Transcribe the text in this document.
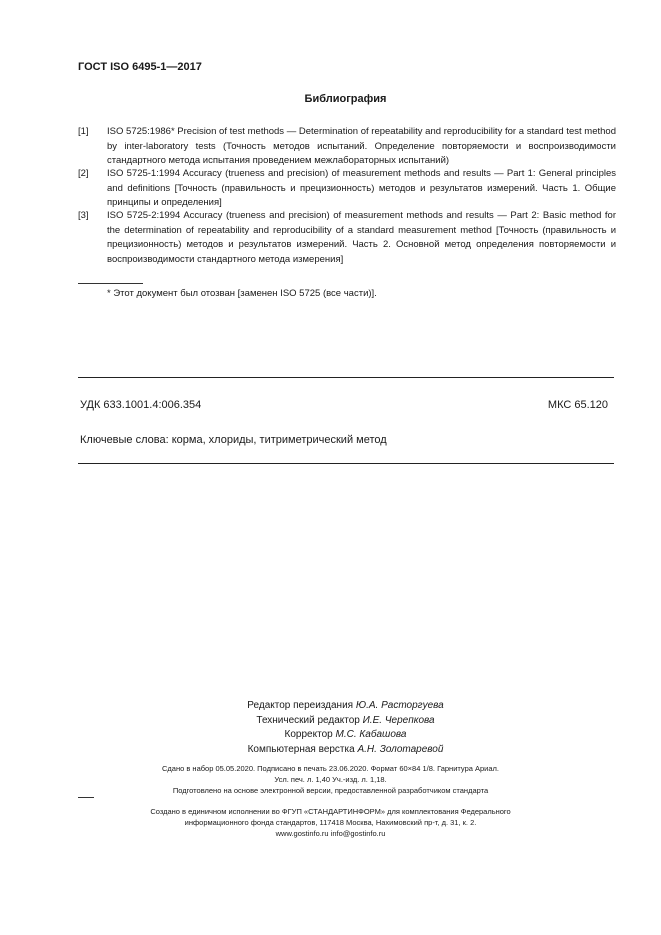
ГОСТ ISO 6495-1—2017
Библиография
[1] ISO 5725:1986* Precision of test methods — Determination of repeatability and reproducibility for a standard test method by inter-laboratory tests (Точность методов испытаний. Определение повторяемости и воспроизводимости стандартного метода испытания проведением межлабораторных испытаний)
[2] ISO 5725-1:1994 Accuracy (trueness and precision) of measurement methods and results — Part 1: General principles and definitions [Точность (правильность и прецизионность) методов и результатов измерений. Часть 1. Общие принципы и определения]
[3] ISO 5725-2:1994 Accuracy (trueness and precision) of measurement methods and results — Part 2: Basic method for the determination of repeatability and reproducibility of a standard measurement method [Точность (правильность и прецизионность) методов и результатов измерений. Часть 2. Основной метод определения повторяемости и воспроизводимости стандартного метода измерения]
* Этот документ был отозван [заменен ISO 5725 (все части)].
УДК 633.1001.4:006.354	МКС 65.120
Ключевые слова: корма, хлориды, титриметрический метод
Редактор переиздания Ю.А. Расторгуева
Технический редактор И.Е. Черепкова
Корректор М.С. Кабашова
Компьютерная верстка А.Н. Золотаревой
Сдано в набор 05.05.2020. Подписано в печать 23.06.2020. Формат 60×84 1/8. Гарнитура Ариал.
Усл. печ. л. 1,40 Уч.-изд. л. 1,18.
Подготовлено на основе электронной версии, предоставленной разработчиком стандарта
Создано в единичном исполнении во ФГУП «СТАНДАРТИНФОРМ» для комплектования Федерального
информационного фонда стандартов, 117418 Москва, Нахимовский пр-т, д. 31, к. 2.
www.gostinfo.ru info@gostinfo.ru
